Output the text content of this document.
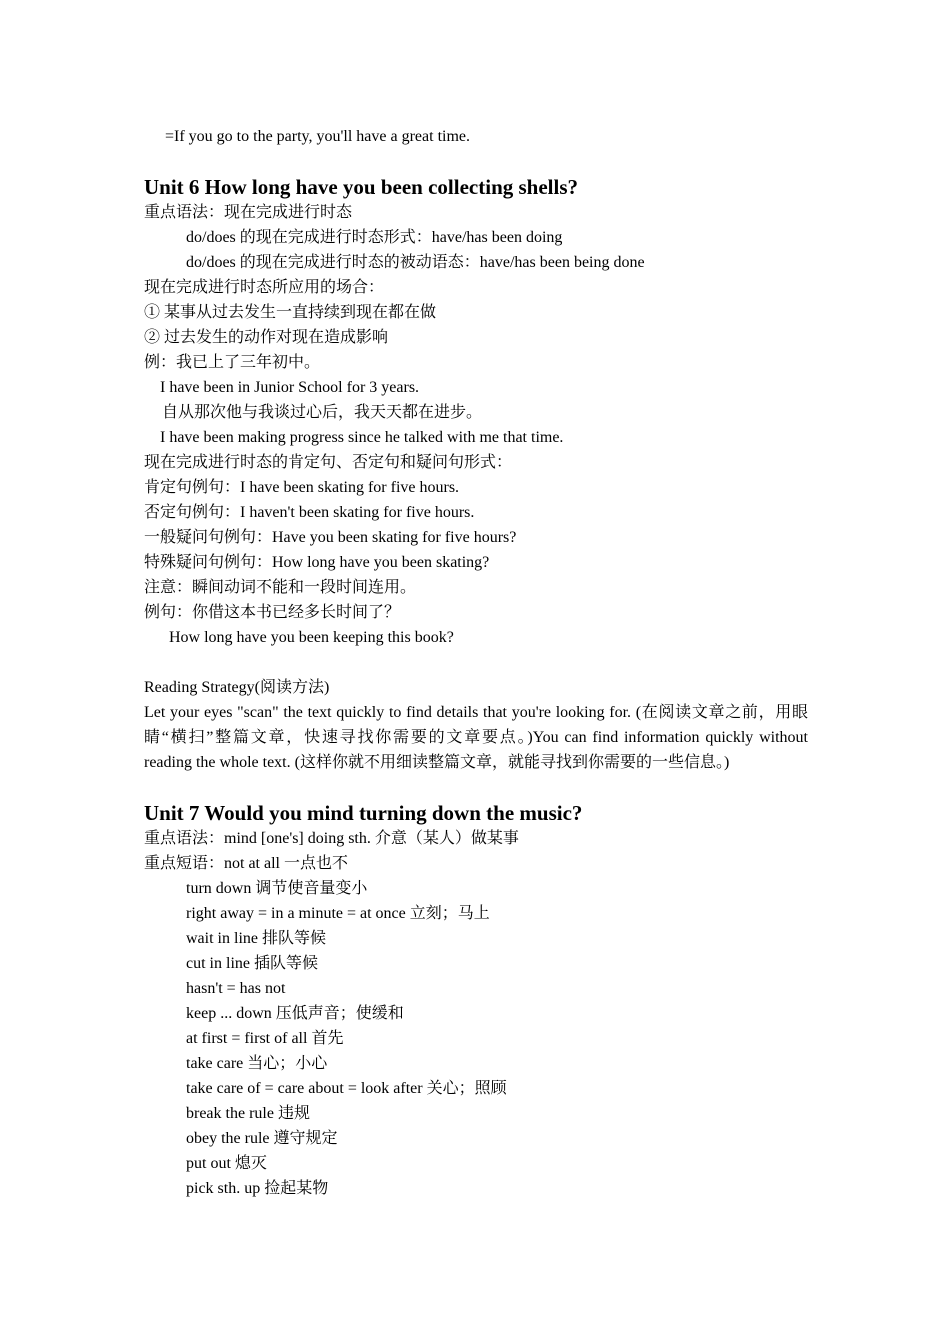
=If you go to the party, you'll have a great time.
Unit 6 How long have you been collecting shells?
重点语法：现在完成进行时态
do/does 的现在完成进行时态形式：have/has been doing
do/does 的现在完成进行时态的被动语态：have/has been being done
现在完成进行时态所应用的场合：
① 某事从过去发生一直持续到现在都在做
② 过去发生的动作对现在造成影响
例：我已上了三年初中。
I have been in Junior School for 3 years.
自从那次他与我谈过心后，我天天都在进步。
I have been making progress since he talked with me that time.
现在完成进行时态的肯定句、否定句和疑问句形式：
肯定句例句：I have been skating for five hours.
否定句例句：I haven't been skating for five hours.
一般疑问句例句：Have you been skating for five hours?
特殊疑问句例句：How long have you been skating?
注意：瞬间动词不能和一段时间连用。
例句：你借这本书已经多长时间了？
How long have you been keeping this book?
Reading Strategy(阅读方法)
Let your eyes "scan" the text quickly to find details that you're looking for. (在阅读文章之前，用眼睛“横扫”整篇文章，快速寻找你需要的文章要点。)You can find information quickly without reading the whole text. (这样你就不用细读整篇文章，就能寻找到你需要的一些信息。)
Unit 7 Would you mind turning down the music?
重点语法：mind [one's] doing sth. 介意（某人）做某事
重点短语：not at all 一点也不
turn down 调节使音量变小
right away = in a minute = at once 立刻；马上
wait in line 排队等候
cut in line 插队等候
hasn't = has not
keep ... down 压低声音；使缓和
at first = first of all 首先
take care 当心；小心
take care of = care about = look after 关心；照顾
break the rule 违规
obey the rule 遵守规定
put out 熄灭
pick sth. up 捡起某物
